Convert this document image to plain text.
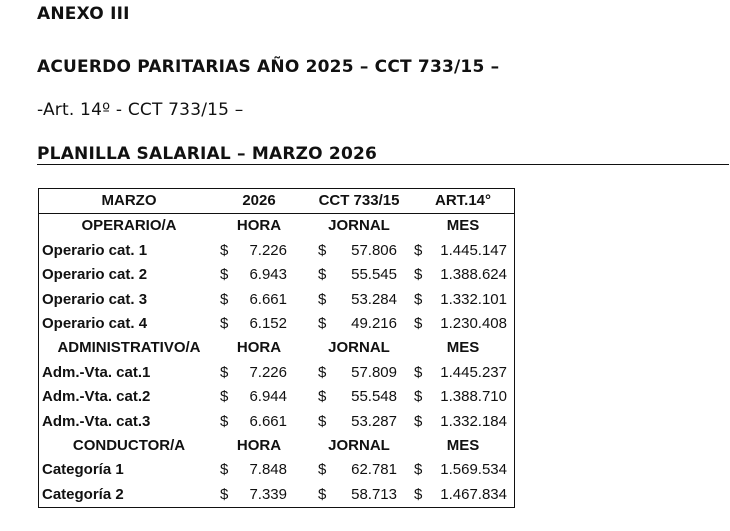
ANEXO III
ACUERDO PARITARIAS AÑO 2025 – CCT 733/15 –
-Art. 14º - CCT 733/15 –
PLANILLA SALARIAL – MARZO 2026
MARZO	2026	CCT 733/15	ART.14°
OPERARIO/A	HORA	JORNAL	MES
Operario cat. 1	$	7.226 $	57.806 $	1.445.147
Operario cat. 2	$	6.943 $	55.545 $	1.388.624
Operario cat. 3	$	6.661 $	53.284 $	1.332.101
Operario cat. 4	$	6.152 $	49.216 $	1.230.408
ADMINISTRATIVO/A	HORA	JORNAL	MES
Adm.-Vta. cat.1	$	7.226 $	57.809 $	1.445.237
Adm.-Vta. cat.2	$	6.944 $	55.548 $	1.388.710
Adm.-Vta. cat.3	$	6.661 $	53.287 $	1.332.184
CONDUCTOR/A	HORA	JORNAL	MES
Categoría 1	$	7.848 $	62.781 $	1.569.534
Categoría 2	$	7.339 $	58.713 $	1.467.834
